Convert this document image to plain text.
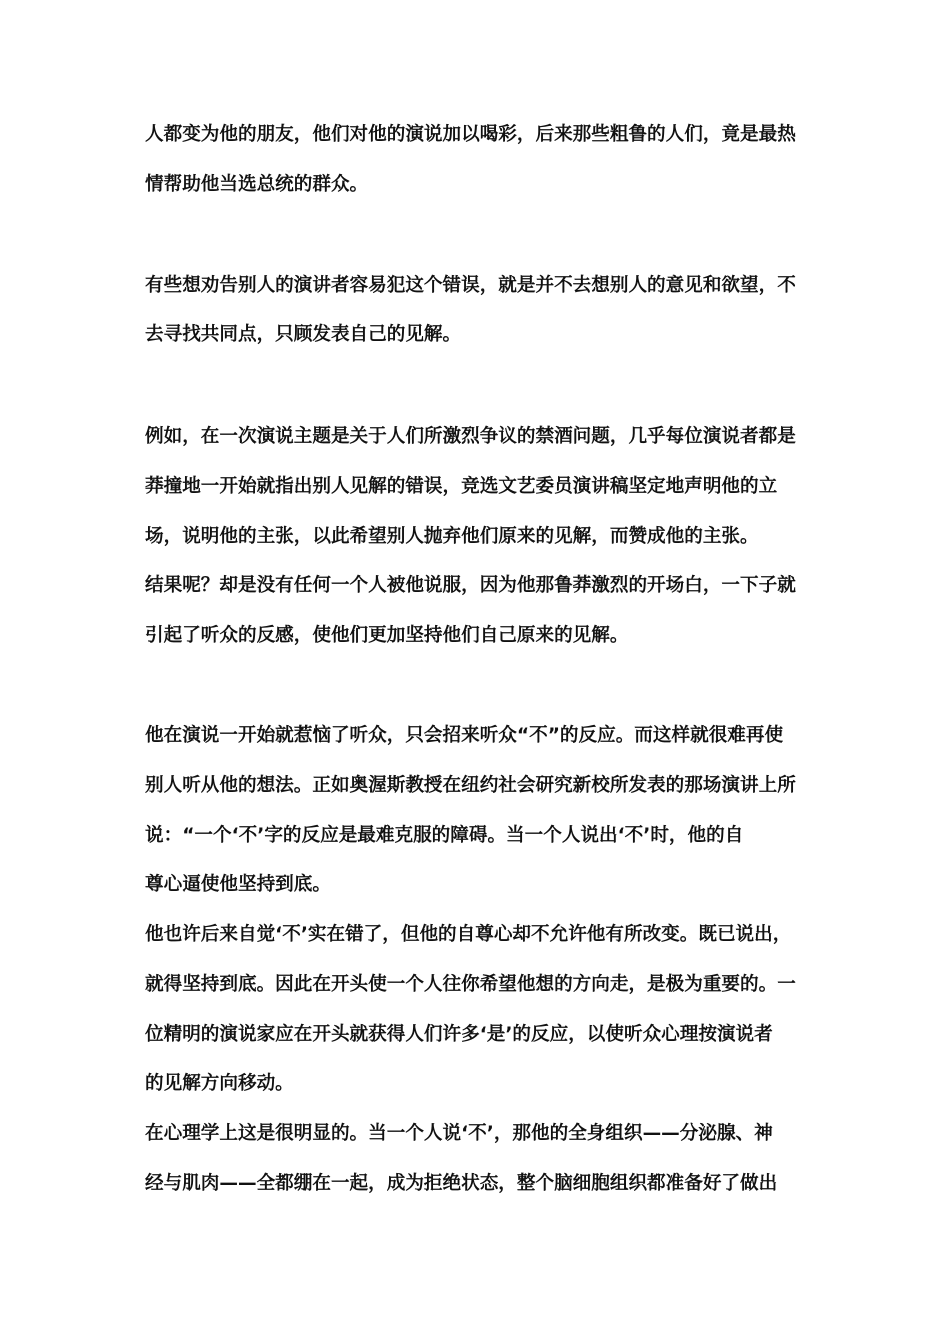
人都变为他的朋友，他们对他的演说加以喝彩，后来那些粗鲁的人们，竟是最热
情帮助他当选总统的群众。
有些想劝告别人的演讲者容易犯这个错误，就是并不去想别人的意见和欲望，不
去寻找共同点，只顾发表自己的见解。
例如，在一次演说主题是关于人们所激烈争议的禁酒问题，几乎每位演说者都是
莽撞地一开始就指出别人见解的错误，竞选文艺委员演讲稿坚定地声明他的立
场，说明他的主张，以此希望别人抛弃他们原来的见解，而赞成他的主张。
结果呢？却是没有任何一个人被他说服，因为他那鲁莽激烈的开场白，一下子就
引起了听众的反感，使他们更加坚持他们自己原来的见解。
他在演说一开始就惹恼了听众，只会招来听众“不”的反应。而这样就很难再使
别人听从他的想法。正如奥渥斯教授在纽约社会研究新校所发表的那场演讲上所
说：“一个‘不’字的反应是最难克服的障碍。当一个人说出‘不’时，他的自
尊心逼使他坚持到底。
他也许后来自觉‘不’实在错了，但他的自尊心却不允许他有所改变。既已说出，
就得坚持到底。因此在开头使一个人往你希望他想的方向走，是极为重要的。一
位精明的演说家应在开头就获得人们许多‘是’的反应，以使听众心理按演说者
的见解方向移动。
在心理学上这是很明显的。当一个人说‘不’，那他的全身组织——分泌腺、神
经与肌肉——全都绷在一起，成为拒绝状态，整个脑细胞组织都准备好了做出
